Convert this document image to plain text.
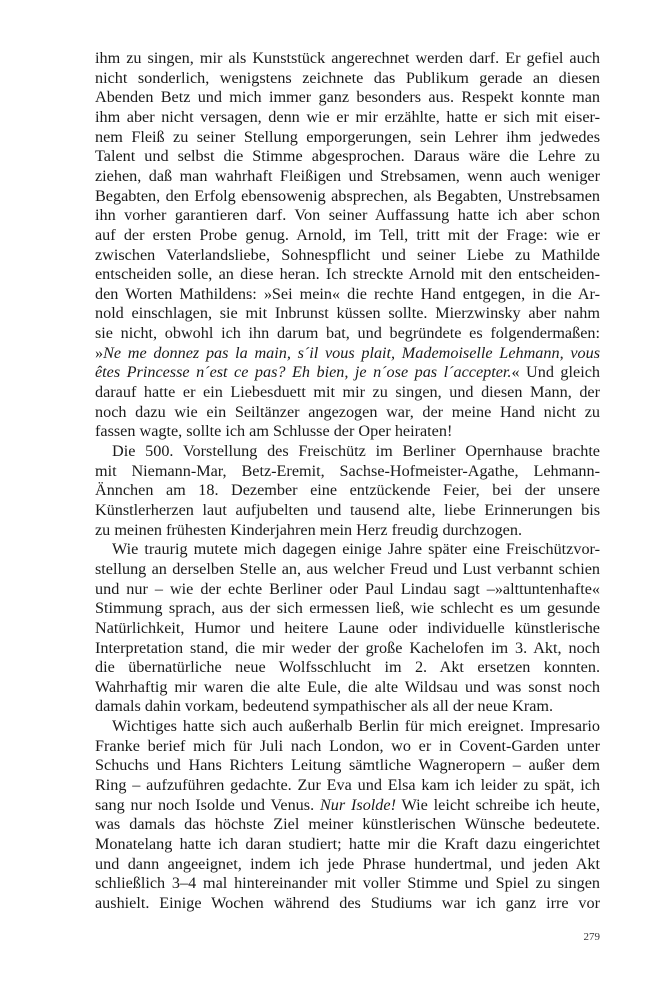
ihm zu singen, mir als Kunststück angerechnet werden darf. Er gefiel auch
nicht sonderlich, wenigstens zeichnete das Publikum gerade an diesen
Abenden Betz und mich immer ganz besonders aus. Respekt konnte man
ihm aber nicht versagen, denn wie er mir erzählte, hatte er sich mit eiser-
nem Fleiß zu seiner Stellung emporgerungen, sein Lehrer ihm jedwedes
Talent und selbst die Stimme abgesprochen. Daraus wäre die Lehre zu
ziehen, daß man wahrhaft Fleißigen und Strebsamen, wenn auch weniger
Begabten, den Erfolg ebensowenig absprechen, als Begabten, Unstrebsamen
ihn vorher garantieren darf. Von seiner Auffassung hatte ich aber schon
auf der ersten Probe genug. Arnold, im Tell, tritt mit der Frage: wie er
zwischen Vaterlandsliebe, Sohnespflicht und seiner Liebe zu Mathilde
entscheiden solle, an diese heran. Ich streckte Arnold mit den entscheiden-
den Worten Mathildens: »Sei mein« die rechte Hand entgegen, in die Ar-
nold einschlagen, sie mit Inbrunst küssen sollte. Mierzwinsky aber nahm
sie nicht, obwohl ich ihn darum bat, und begründete es folgendermaßen:
»Ne me donnez pas la main, s´il vous plait, Mademoiselle Lehmann, vous
êtes Princesse n´est ce pas? Eh bien, je n´ose pas l´accepter.« Und gleich
darauf hatte er ein Liebesduett mit mir zu singen, und diesen Mann, der
noch dazu wie ein Seiltänzer angezogen war, der meine Hand nicht zu
fassen wagte, sollte ich am Schlusse der Oper heiraten!
Die 500. Vorstellung des Freischütz im Berliner Opernhause brachte
mit Niemann-Mar, Betz-Eremit, Sachse-Hofmeister-Agathe, Lehmann-
Ännchen am 18. Dezember eine entzückende Feier, bei der unsere
Künstlerherzen laut aufjubelten und tausend alte, liebe Erinnerungen bis
zu meinen frühesten Kinderjahren mein Herz freudig durchzogen.
Wie traurig mutete mich dagegen einige Jahre später eine Freischützvor-
stellung an derselben Stelle an, aus welcher Freud und Lust verbannt schien
und nur – wie der echte Berliner oder Paul Lindau sagt –»alttuntenhafte«
Stimmung sprach, aus der sich ermessen ließ, wie schlecht es um gesunde
Natürlichkeit, Humor und heitere Laune oder individuelle künstlerische
Interpretation stand, die mir weder der große Kachelofen im 3. Akt, noch
die übernatürliche neue Wolfsschlucht im 2. Akt ersetzen konnten.
Wahrhaftig mir waren die alte Eule, die alte Wildsau und was sonst noch
damals dahin vorkam, bedeutend sympathischer als all der neue Kram.
Wichtiges hatte sich auch außerhalb Berlin für mich ereignet. Impresario
Franke berief mich für Juli nach London, wo er in Covent-Garden unter
Schuchs und Hans Richters Leitung sämtliche Wagneropern – außer dem
Ring – aufzuführen gedachte. Zur Eva und Elsa kam ich leider zu spät, ich
sang nur noch Isolde und Venus. Nur Isolde! Wie leicht schreibe ich heute,
was damals das höchste Ziel meiner künstlerischen Wünsche bedeutete.
Monatelang hatte ich daran studiert; hatte mir die Kraft dazu eingerichtet
und dann angeeignet, indem ich jede Phrase hundertmal, und jeden Akt
schließlich 3–4 mal hintereinander mit voller Stimme und Spiel zu singen
aushielt. Einige Wochen während des Studiums war ich ganz irre vor
279
